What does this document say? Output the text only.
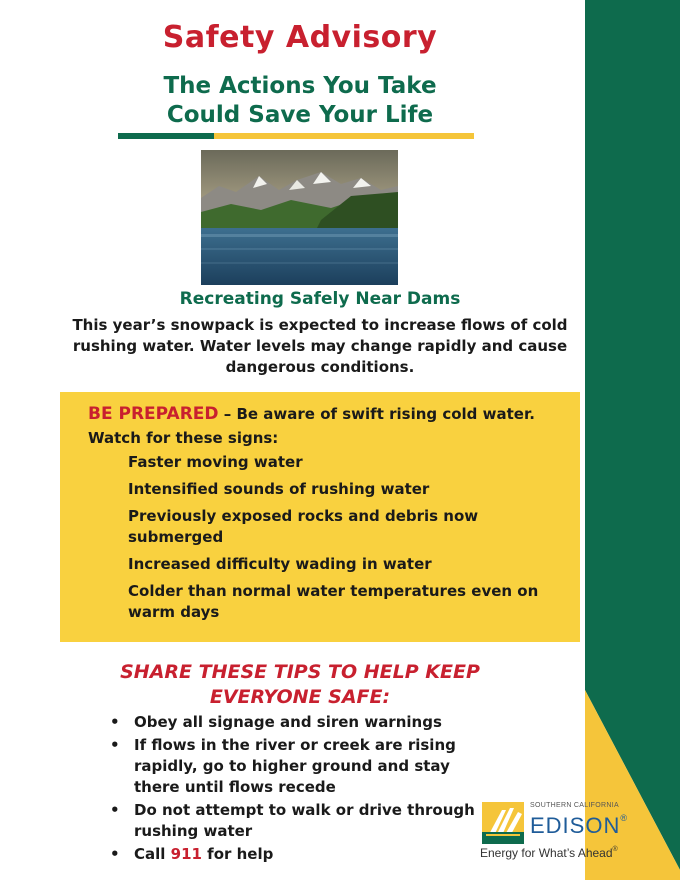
Safety Advisory
The Actions You Take
Could Save Your Life
Recreating Safely Near Dams
This year’s snowpack is expected to increase flows of cold rushing water. Water levels may change rapidly and cause dangerous conditions.
BE PREPARED – Be aware of swift rising cold water. Watch for these signs:
Faster moving water
Intensified sounds of rushing water
Previously exposed rocks and debris now submerged
Increased difficulty wading in water
Colder than normal water temperatures even on warm days
SHARE THESE TIPS TO HELP KEEP
EVERYONE SAFE:
• Obey all signage and siren warnings
• If flows in the river or creek are rising rapidly, go to higher ground and stay there until flows recede
• Do not attempt to walk or drive through rushing water
• Call 911 for help
SOUTHERN CALIFORNIA
EDISON®
Energy for What’s Ahead®
